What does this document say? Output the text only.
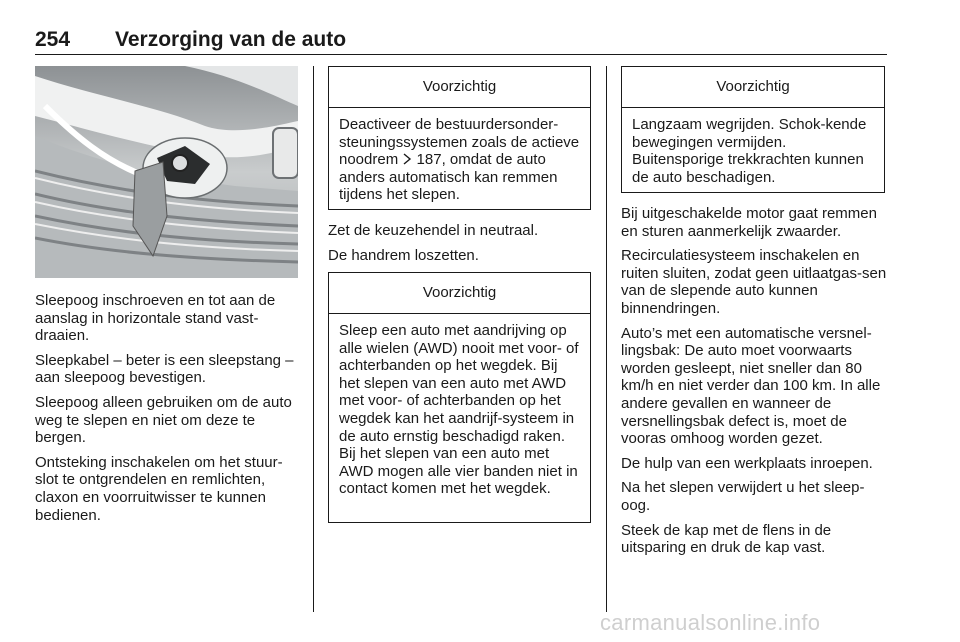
254 Verzorging van de auto

Sleepoog inschroeven en tot aan de aanslag in horizontale stand vast-draaien.

Sleepkabel – beter is een sleepstang – aan sleepoog bevestigen.

Sleepoog alleen gebruiken om de auto weg te slepen en niet om deze te bergen.

Ontsteking inschakelen om het stuur-slot te ontgrendelen en remlichten, claxon en voorruitwisser te kunnen bedienen.

Voorzichtig
Deactiveer de bestuurdersonder-steuningssystemen zoals de actieve noodrem 187, omdat de auto anders automatisch kan remmen tijdens het slepen.

Zet de keuzehendel in neutraal.

De handrem loszetten.

Voorzichtig
Sleep een auto met aandrijving op alle wielen (AWD) nooit met voor- of achterbanden op het wegdek. Bij het slepen van een auto met AWD met voor- of achterbanden op het wegdek kan het aandrijf-systeem in de auto ernstig beschadigd raken. Bij het slepen van een auto met AWD mogen alle vier banden niet in contact komen met het wegdek.
Voorzichtig
Langzaam wegrijden. Schok-kende bewegingen vermijden. Buitensporige trekkrachten kunnen de auto beschadigen.

Bij uitgeschakelde motor gaat remmen en sturen aanmerkelijk zwaarder.

Recirculatiesysteem inschakelen en ruiten sluiten, zodat geen uitlaatgas-sen van de slepende auto kunnen binnendringen.

Auto’s met een automatische versnel-lingsbak: De auto moet voorwaarts worden gesleept, niet sneller dan 80 km/h en niet verder dan 100 km. In alle andere gevallen en wanneer de versnellingsbak defect is, moet de vooras omhoog worden gezet.

De hulp van een werkplaats inroepen.

Na het slepen verwijdert u het sleep-oog.

Steek de kap met de flens in de uitsparing en druk de kap vast.

carmanualsonline.info
